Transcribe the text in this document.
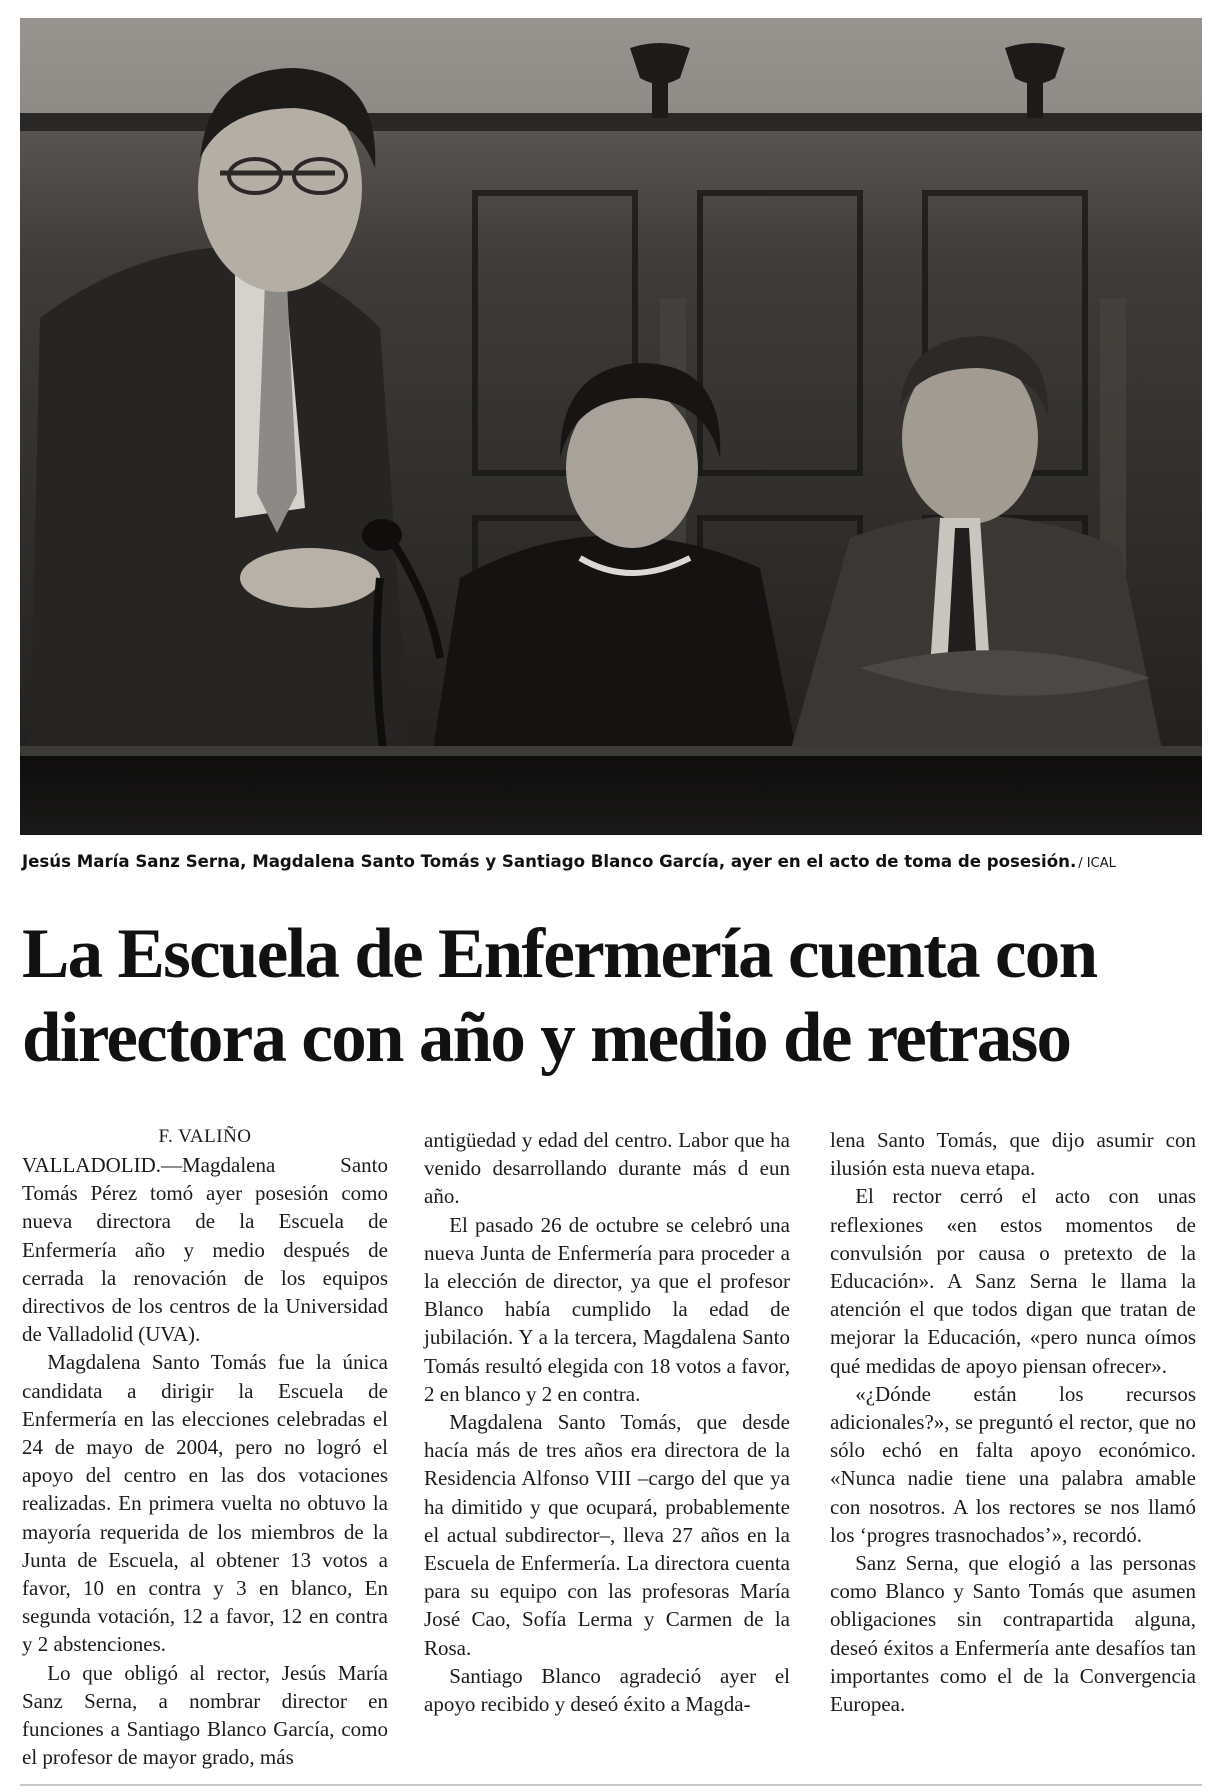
Jesús María Sanz Serna, Magdalena Santo Tomás y Santiago Blanco García, ayer en el acto de toma de posesión. / ICAL
La Escuela de Enfermería cuenta con
directora con año y medio de retraso
F. VALIÑO

VALLADOLID.—Magdalena Santo Tomás Pérez tomó ayer posesión como nueva directora de la Escuela de Enfermería año y medio después de cerrada la renovación de los equipos directivos de los centros de la Universidad de Valladolid (UVA).

Magdalena Santo Tomás fue la única candidata a dirigir la Escuela de Enfermería en las elecciones celebradas el 24 de mayo de 2004, pero no logró el apoyo del centro en las dos votaciones realizadas. En primera vuelta no obtuvo la mayoría requerida de los miembros de la Junta de Escuela, al obtener 13 votos a favor, 10 en contra y 3 en blanco, En segunda votación, 12 a favor, 12 en contra y 2 abstenciones.

Lo que obligó al rector, Jesús María Sanz Serna, a nombrar director en funciones a Santiago Blanco García, como el profesor de mayor grado, más

antigüedad y edad del centro. Labor que ha venido desarrollando durante más d eun año.

El pasado 26 de octubre se celebró una nueva Junta de Enfermería para proceder a la elección de director, ya que el profesor Blanco había cumplido la edad de jubilación. Y a la tercera, Magdalena Santo Tomás resultó elegida con 18 votos a favor, 2 en blanco y 2 en contra.

Magdalena Santo Tomás, que desde hacía más de tres años era directora de la Residencia Alfonso VIII –cargo del que ya ha dimitido y que ocupará, probablemente el actual subdirector–, lleva 27 años en la Escuela de Enfermería. La directora cuenta para su equipo con las profesoras María José Cao, Sofía Lerma y Carmen de la Rosa.

Santiago Blanco agradeció ayer el apoyo recibido y deseó éxito a Magda-

lena Santo Tomás, que dijo asumir con ilusión esta nueva etapa.

El rector cerró el acto con unas reflexiones «en estos momentos de convulsión por causa o pretexto de la Educación». A Sanz Serna le llama la atención el que todos digan que tratan de mejorar la Educación, «pero nunca oímos qué medidas de apoyo piensan ofrecer».

«¿Dónde están los recursos adicionales?», se preguntó el rector, que no sólo echó en falta apoyo económico. «Nunca nadie tiene una palabra amable con nosotros. A los rectores se nos llamó los ‘progres trasnochados’», recordó.

Sanz Serna, que elogió a las personas como Blanco y Santo Tomás que asumen obligaciones sin contrapartida alguna, deseó éxitos a Enfermería ante desafíos tan importantes como el de la Convergencia Europea.
